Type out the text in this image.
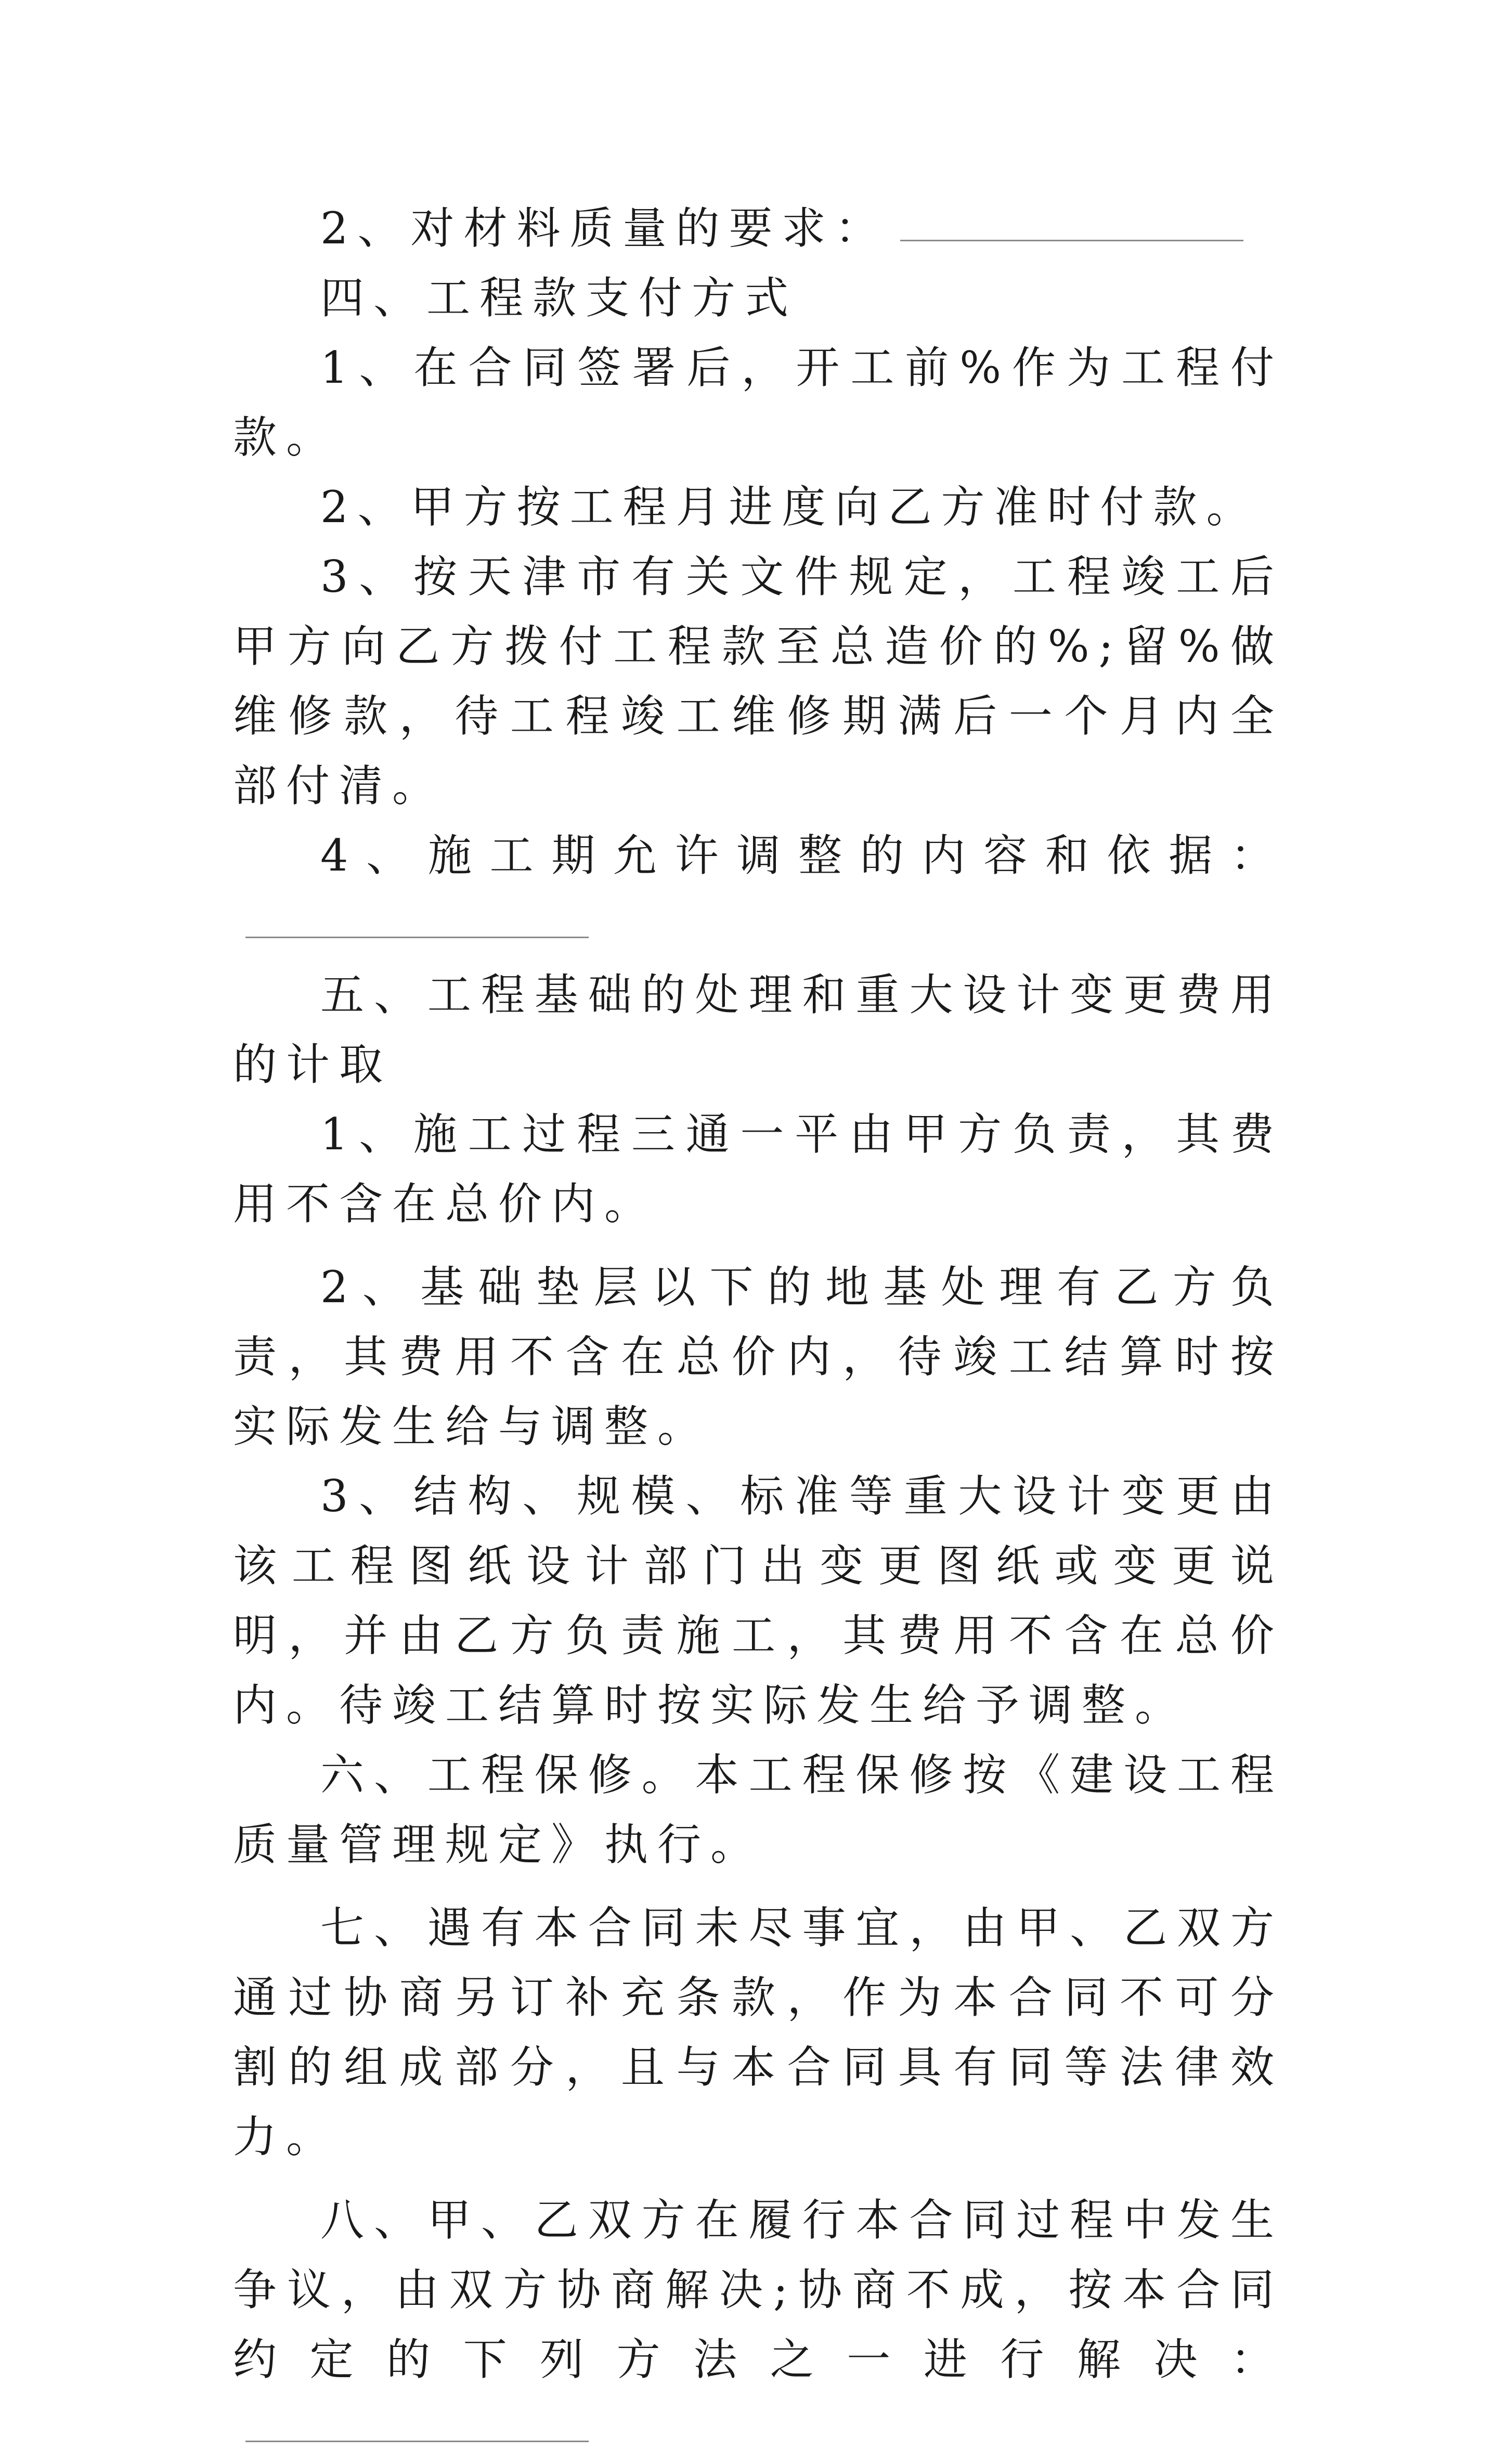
2、对材料质量的要求：

四、工程款支付方式

1、在合同签署后，开工前%作为工程付款。

2、甲方按工程月进度向乙方准时付款。

3、按天津市有关文件规定，工程竣工后甲方向乙方拨付工程款至总造价的%;留%做维修款，待工程竣工维修期满后一个月内全部付清。

4、施工期允许调整的内容和依据：

五、工程基础的处理和重大设计变更费用的计取

1、施工过程三通一平由甲方负责，其费用不含在总价内。

2、基础垫层以下的地基处理有乙方负责，其费用不含在总价内，待竣工结算时按实际发生给与调整。

3、结构、规模、标准等重大设计变更由该工程图纸设计部门出变更图纸或变更说明，并由乙方负责施工，其费用不含在总价内。待竣工结算时按实际发生给予调整。

六、工程保修。本工程保修按《建设工程质量管理规定》执行。

七、遇有本合同未尽事宜，由甲、乙双方通过协商另订补充条款，作为本合同不可分割的组成部分，且与本合同具有同等法律效力。

八、甲、乙双方在履行本合同过程中发生争议，由双方协商解决;协商不成，按本合同约定的下列方法之一进行解决：
